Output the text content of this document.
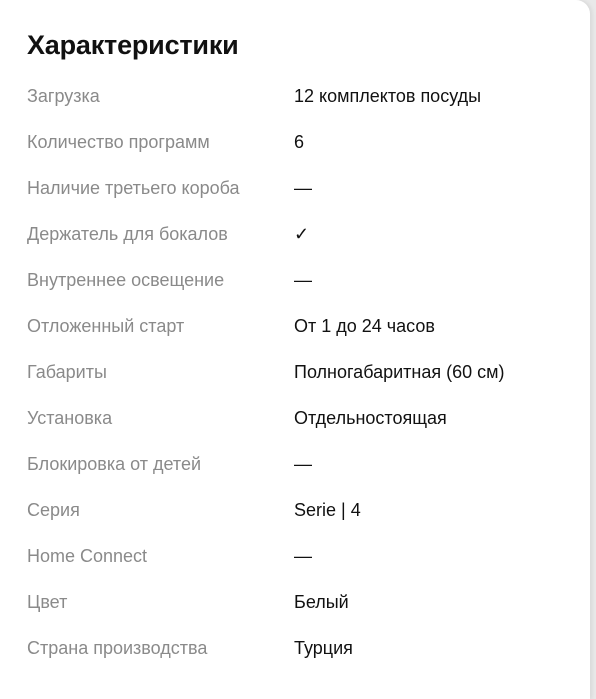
Характеристики
Загрузка	12 комплектов посуды
Количество программ	6
Наличие третьего короба	—
Держатель для бокалов	✓
Внутреннее освещение	—
Отложенный старт	От 1 до 24 часов
Габариты	Полногабаритная (60 см)
Установка	Отдельностоящая
Блокировка от детей	—
Серия	Serie | 4
Home Connect	—
Цвет	Белый
Страна производства	Турция
